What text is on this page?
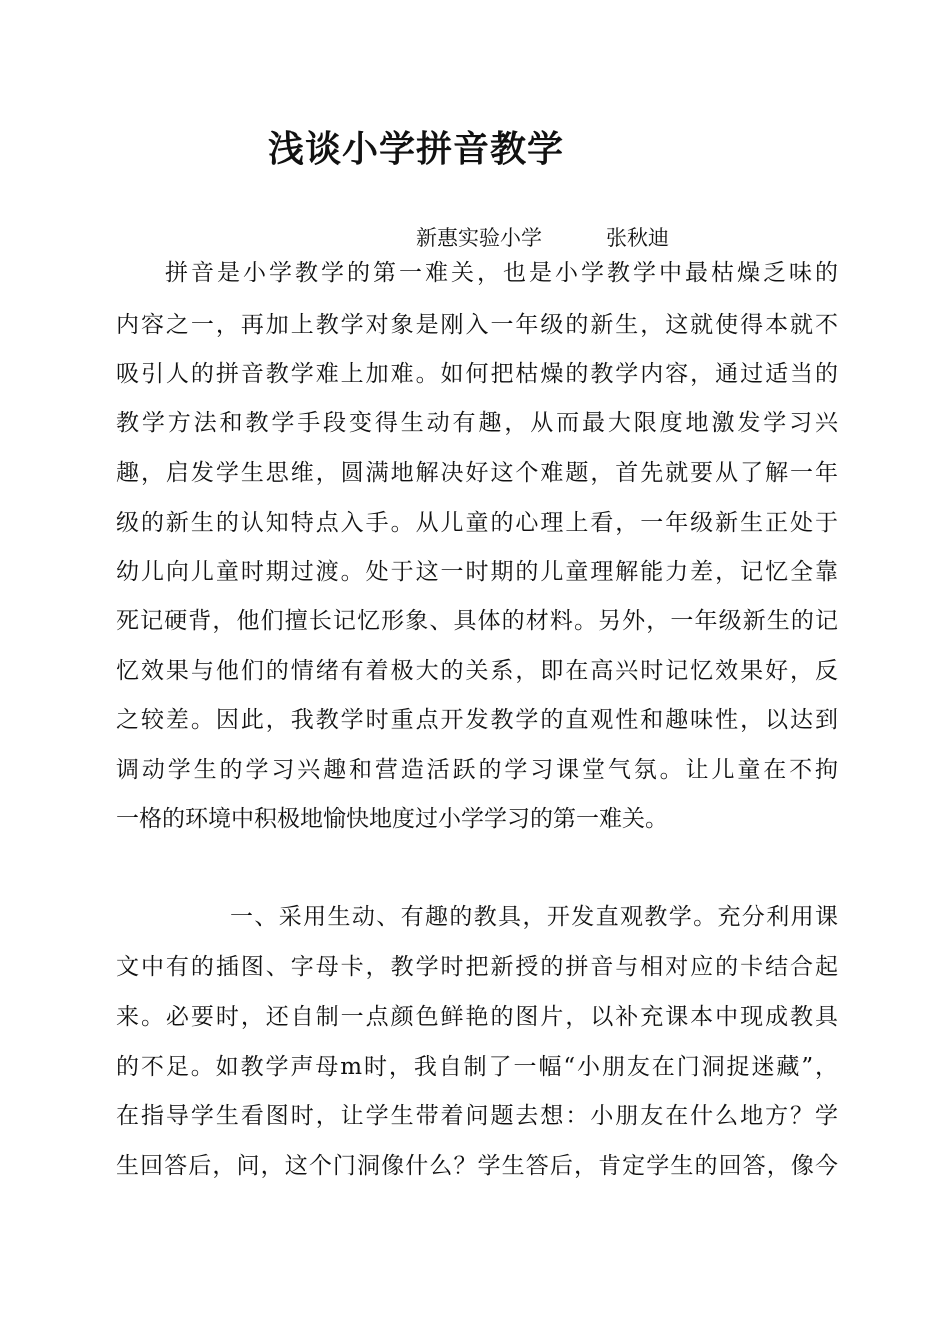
浅谈小学拼音教学
新惠实验小学	张秋迪
拼音是小学教学的第一难关，也是小学教学中最枯燥乏味的
内容之一，再加上教学对象是刚入一年级的新生，这就使得本就不
吸引人的拼音教学难上加难。如何把枯燥的教学内容，通过适当的
教学方法和教学手段变得生动有趣，从而最大限度地激发学习兴
趣，启发学生思维，圆满地解决好这个难题，首先就要从了解一年
级的新生的认知特点入手。从儿童的心理上看，一年级新生正处于
幼儿向儿童时期过渡。处于这一时期的儿童理解能力差，记忆全靠
死记硬背，他们擅长记忆形象、具体的材料。另外，一年级新生的记
忆效果与他们的情绪有着极大的关系，即在高兴时记忆效果好，反
之较差。因此，我教学时重点开发教学的直观性和趣味性，以达到
调动学生的学习兴趣和营造活跃的学习课堂气氛。让儿童在不拘
一格的环境中积极地愉快地度过小学学习的第一难关。
一、采用生动、有趣的教具，开发直观教学。充分利用课
文中有的插图、字母卡，教学时把新授的拼音与相对应的卡结合起
来。必要时，还自制一点颜色鲜艳的图片，以补充课本中现成教具
的不足。如教学声母m时，我自制了一幅“小朋友在门洞捉迷藏”，
在指导学生看图时，让学生带着问题去想：小朋友在什么地方？学
生回答后，问，这个门洞像什么？学生答后，肯定学生的回答，像今
